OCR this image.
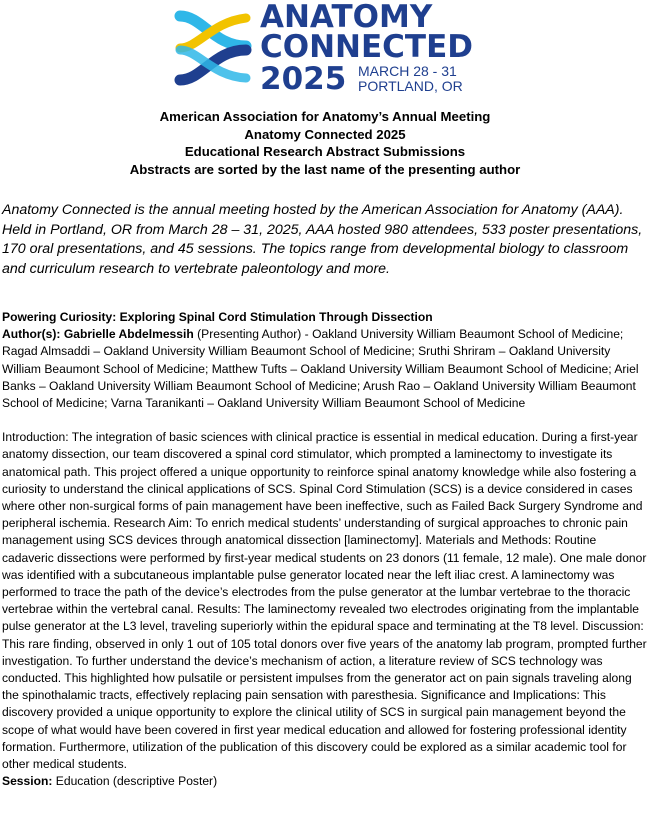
ANATOMY
CONNECTED
2025 MARCH 28 - 31
PORTLAND, OR
American Association for Anatomy’s Annual Meeting
Anatomy Connected 2025
Educational Research Abstract Submissions
Abstracts are sorted by the last name of the presenting author
Anatomy Connected is the annual meeting hosted by the American Association for Anatomy (AAA). Held in Portland, OR from March 28 – 31, 2025, AAA hosted 980 attendees, 533 poster presentations, 170 oral presentations, and 45 sessions. The topics range from developmental biology to classroom and curriculum research to vertebrate paleontology and more.
Powering Curiosity: Exploring Spinal Cord Stimulation Through Dissection

Author(s): Gabrielle Abdelmessih (Presenting Author) - Oakland University William Beaumont School of Medicine; Ragad Almsaddi – Oakland University William Beaumont School of Medicine; Sruthi Shriram – Oakland University William Beaumont School of Medicine; Matthew Tufts – Oakland University William Beaumont School of Medicine; Ariel Banks – Oakland University William Beaumont School of Medicine; Arush Rao – Oakland University William Beaumont School of Medicine; Varna Taranikanti – Oakland University William Beaumont School of Medicine

Introduction: The integration of basic sciences with clinical practice is essential in medical education. During a first-year anatomy dissection, our team discovered a spinal cord stimulator, which prompted a laminectomy to investigate its anatomical path. This project offered a unique opportunity to reinforce spinal anatomy knowledge while also fostering a curiosity to understand the clinical applications of SCS. Spinal Cord Stimulation (SCS) is a device considered in cases where other non-surgical forms of pain management have been ineffective, such as Failed Back Surgery Syndrome and peripheral ischemia. Research Aim: To enrich medical students’ understanding of surgical approaches to chronic pain management using SCS devices through anatomical dissection [laminectomy]. Materials and Methods: Routine cadaveric dissections were performed by first-year medical students on 23 donors (11 female, 12 male). One male donor was identified with a subcutaneous implantable pulse generator located near the left iliac crest. A laminectomy was performed to trace the path of the device’s electrodes from the pulse generator at the lumbar vertebrae to the thoracic vertebrae within the vertebral canal. Results: The laminectomy revealed two electrodes originating from the implantable pulse generator at the L3 level, traveling superiorly within the epidural space and terminating at the T8 level. Discussion: This rare finding, observed in only 1 out of 105 total donors over five years of the anatomy lab program, prompted further investigation. To further understand the device’s mechanism of action, a literature review of SCS technology was conducted. This highlighted how pulsatile or persistent impulses from the generator act on pain signals traveling along the spinothalamic tracts, effectively replacing pain sensation with paresthesia. Significance and Implications: This discovery provided a unique opportunity to explore the clinical utility of SCS in surgical pain management beyond the scope of what would have been covered in first year medical education and allowed for fostering professional identity formation. Furthermore, utilization of the publication of this discovery could be explored as a similar academic tool for other medical students.

Session: Education (descriptive Poster)
